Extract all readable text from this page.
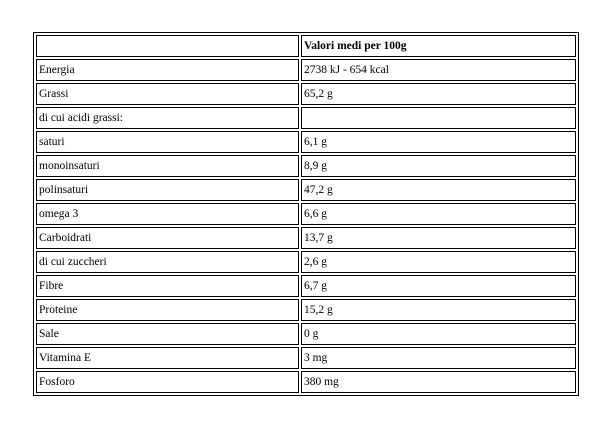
	Valori medi per 100g
Energia	2738 kJ - 654 kcal
Grassi	65,2 g
di cui acidi grassi:	
saturi	6,1 g
monoinsaturi	8,9 g
polinsaturi	47,2 g
omega 3	6,6 g
Carboidrati	13,7 g
di cui zuccheri	2,6 g
Fibre	6,7 g
Proteine	15,2 g
Sale	0 g
Vitamina E	3 mg
Fosforo	380 mg
